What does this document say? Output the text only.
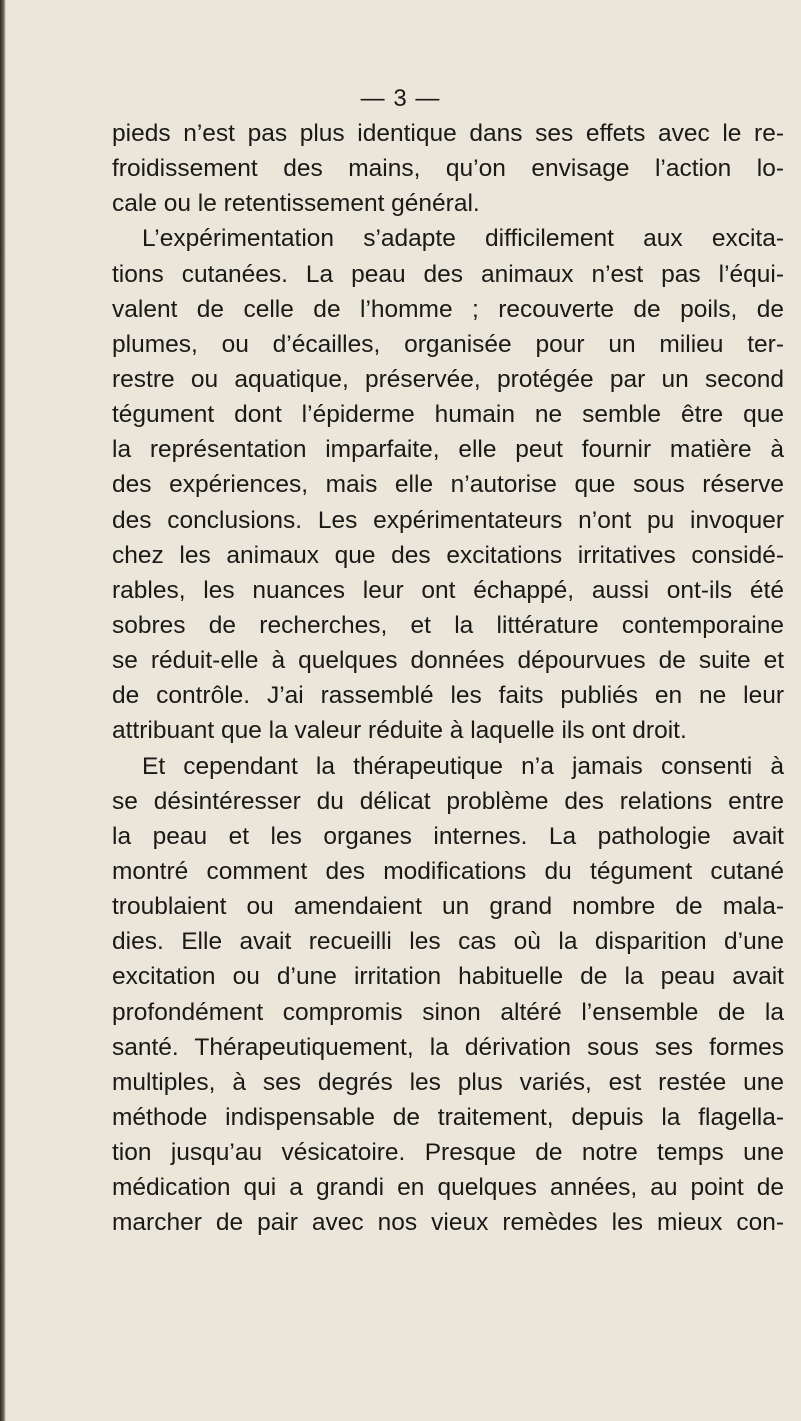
— 3 —

pieds n’est pas plus identique dans ses effets avec le re-
froidissement des mains, qu’on envisage l’action lo-
cale ou le retentissement général.
L’expérimentation s’adapte difficilement aux excita-
tions cutanées. La peau des animaux n’est pas l’équi-
valent de celle de l’homme ; recouverte de poils, de
plumes, ou d’écailles, organisée pour un milieu ter-
restre ou aquatique, préservée, protégée par un second
tégument dont l’épiderme humain ne semble être que
la représentation imparfaite, elle peut fournir matière à
des expériences, mais elle n’autorise que sous réserve
des conclusions. Les expérimentateurs n’ont pu invoquer
chez les animaux que des excitations irritatives considé-
rables, les nuances leur ont échappé, aussi ont-ils été
sobres de recherches, et la littérature contemporaine
se réduit-elle à quelques données dépourvues de suite et
de contrôle. J’ai rassemblé les faits publiés en ne leur
attribuant que la valeur réduite à laquelle ils ont droit.
Et cependant la thérapeutique n’a jamais consenti à
se désintéresser du délicat problème des relations entre
la peau et les organes internes. La pathologie avait
montré comment des modifications du tégument cutané
troublaient ou amendaient un grand nombre de mala-
dies. Elle avait recueilli les cas où la disparition d’une
excitation ou d’une irritation habituelle de la peau avait
profondément compromis sinon altéré l’ensemble de la
santé. Thérapeutiquement, la dérivation sous ses formes
multiples, à ses degrés les plus variés, est restée une
méthode indispensable de traitement, depuis la flagella-
tion jusqu’au vésicatoire. Presque de notre temps une
médication qui a grandi en quelques années, au point de
marcher de pair avec nos vieux remèdes les mieux con-
